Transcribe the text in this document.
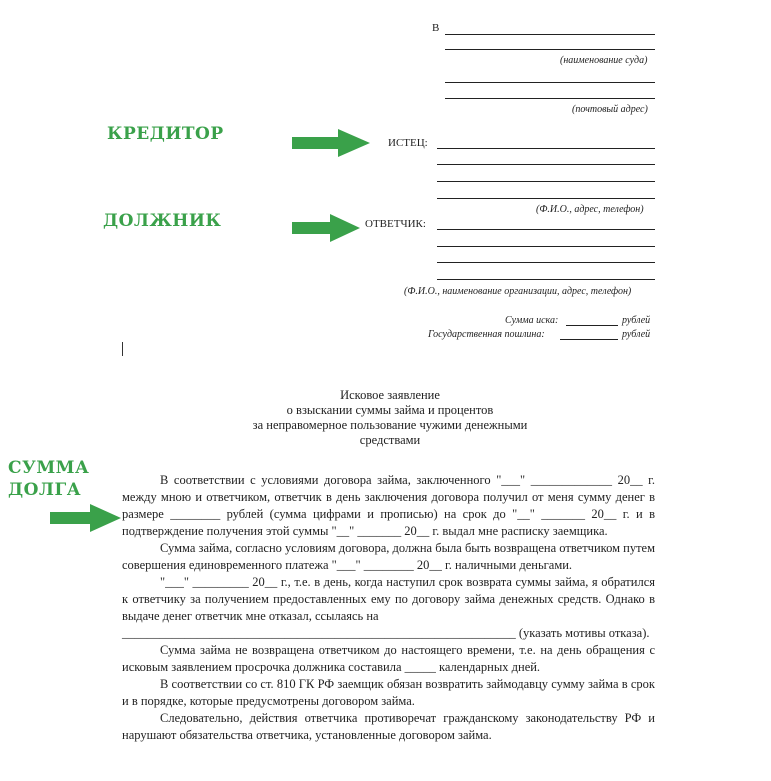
В
(наименование суда)
(почтовый адрес)
ИСТЕЦ:
(Ф.И.О., адрес, телефон)
ОТВЕТЧИК:
(Ф.И.О., наименование организации, адрес, телефон)
Сумма иска:	рублей
Государственная пошлина:	рублей
КРЕДИТОР
ДОЛЖНИК
СУММА
ДОЛГА
Исковое заявление
о взыскании суммы займа и процентов
за неправомерное пользование чужими денежными
средствами

В соответствии с условиями договора займа, заключенного "___" _____________ 20__ г. между мною и ответчиком, ответчик в день заключения договора получил от меня сумму денег в размере ________ рублей (сумма цифрами и прописью) на срок до "__" _______ 20__ г. и в подтверждение получения этой суммы "__" _______ 20__ г. выдал мне расписку заемщика.

Сумма займа, согласно условиям договора, должна была быть возвращена ответчиком путем совершения единовременного платежа "___" ________ 20__ г. наличными деньгами.

"___" _________ 20__ г., т.е. в день, когда наступил срок возврата суммы займа, я обратился к ответчику за получением предоставленных ему по договору займа денежных средств. Однако в выдаче денег ответчик мне отказал, ссылаясь на

_______________________________________________________________ (указать мотивы отказа).

Сумма займа не возвращена ответчиком до настоящего времени, т.е. на день обращения с исковым заявлением просрочка должника составила _____ календарных дней.

В соответствии со ст. 810 ГК РФ заемщик обязан возвратить займодавцу сумму займа в срок и в порядке, которые предусмотрены договором займа.

Следовательно, действия ответчика противоречат гражданскому законодательству РФ и нарушают обязательства ответчика, установленные договором займа.
